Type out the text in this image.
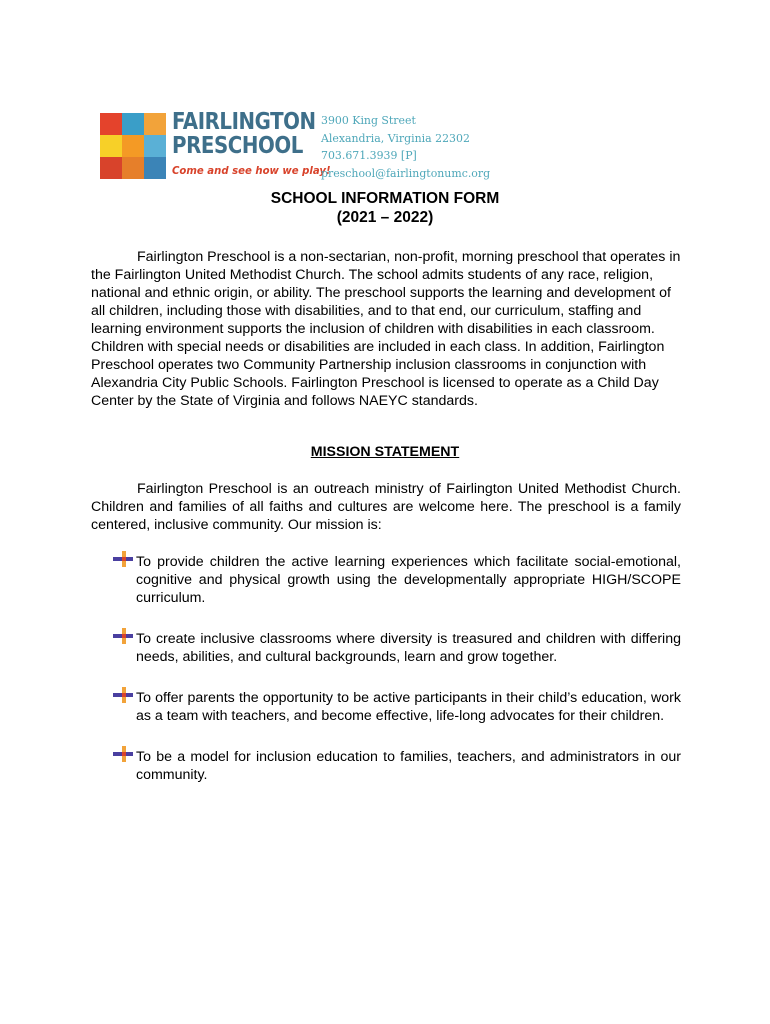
FAIRLINGTON
PRESCHOOL
Come and see how we play!
3900 King Street
Alexandria, Virginia 22302
703.671.3939 [P]
preschool@fairlingtonumc.org
SCHOOL INFORMATION FORM
(2021 – 2022)
Fairlington Preschool is a non-sectarian, non-profit, morning preschool that operates in the Fairlington United Methodist Church. The school admits students of any race, religion, national and ethnic origin, or ability. The preschool supports the learning and development of all children, including those with disabilities, and to that end, our curriculum, staffing and learning environment supports the inclusion of children with disabilities in each classroom. Children with special needs or disabilities are included in each class. In addition, Fairlington Preschool operates two Community Partnership inclusion classrooms in conjunction with Alexandria City Public Schools. Fairlington Preschool is licensed to operate as a Child Day Center by the State of Virginia and follows NAEYC standards.
MISSION STATEMENT
Fairlington Preschool is an outreach ministry of Fairlington United Methodist Church. Children and families of all faiths and cultures are welcome here. The preschool is a family centered, inclusive community. Our mission is:
To provide children the active learning experiences which facilitate social-emotional, cognitive and physical growth using the developmentally appropriate HIGH/SCOPE curriculum.
To create inclusive classrooms where diversity is treasured and children with differing needs, abilities, and cultural backgrounds, learn and grow together.
To offer parents the opportunity to be active participants in their child’s education, work as a team with teachers, and become effective, life-long advocates for their children.
To be a model for inclusion education to families, teachers, and administrators in our community.
